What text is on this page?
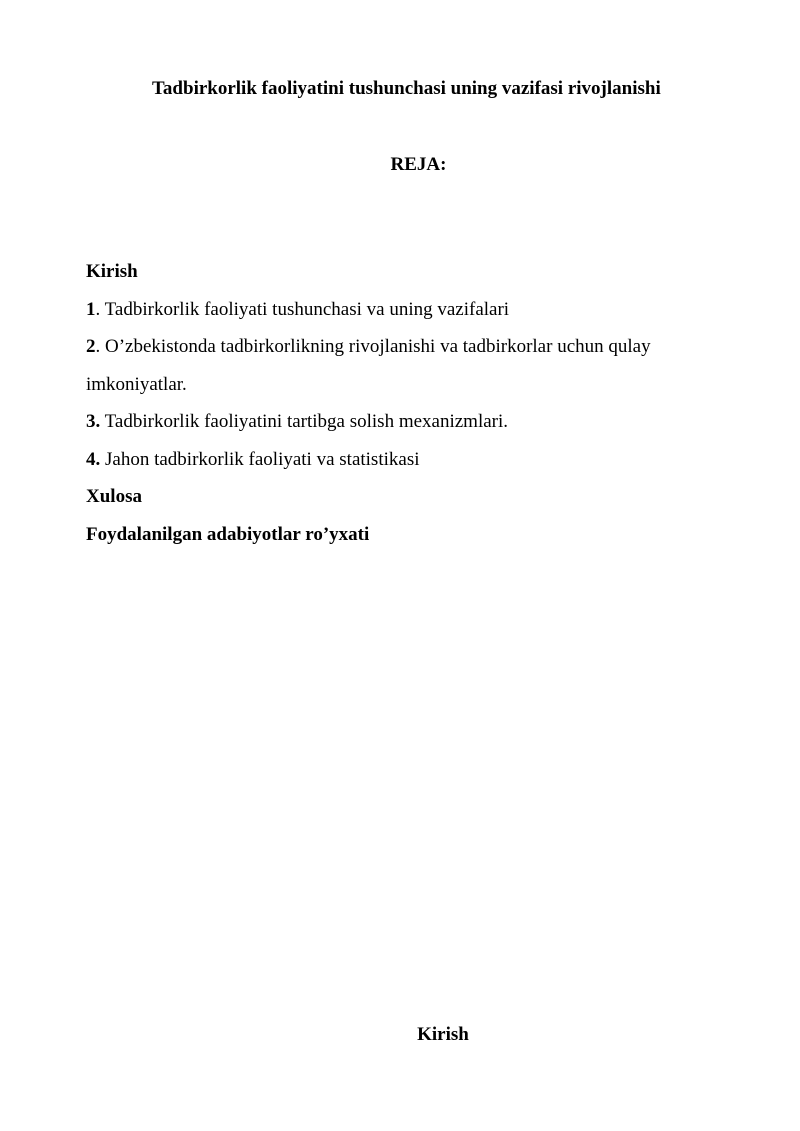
Tadbirkorlik faoliyatini tushunchasi uning vazifasi rivojlanishi
REJA:
Kirish
1. Tadbirkorlik faoliyati tushunchasi va uning vazifalari
2. O’zbekistonda tadbirkorlikning rivojlanishi va tadbirkorlar uchun qulay imkoniyatlar.
3. Tadbirkorlik faoliyatini tartibga solish mexanizmlari.
4. Jahon tadbirkorlik faoliyati va statistikasi
Xulosa
Foydalanilgan adabiyotlar ro’yxati
Kirish
